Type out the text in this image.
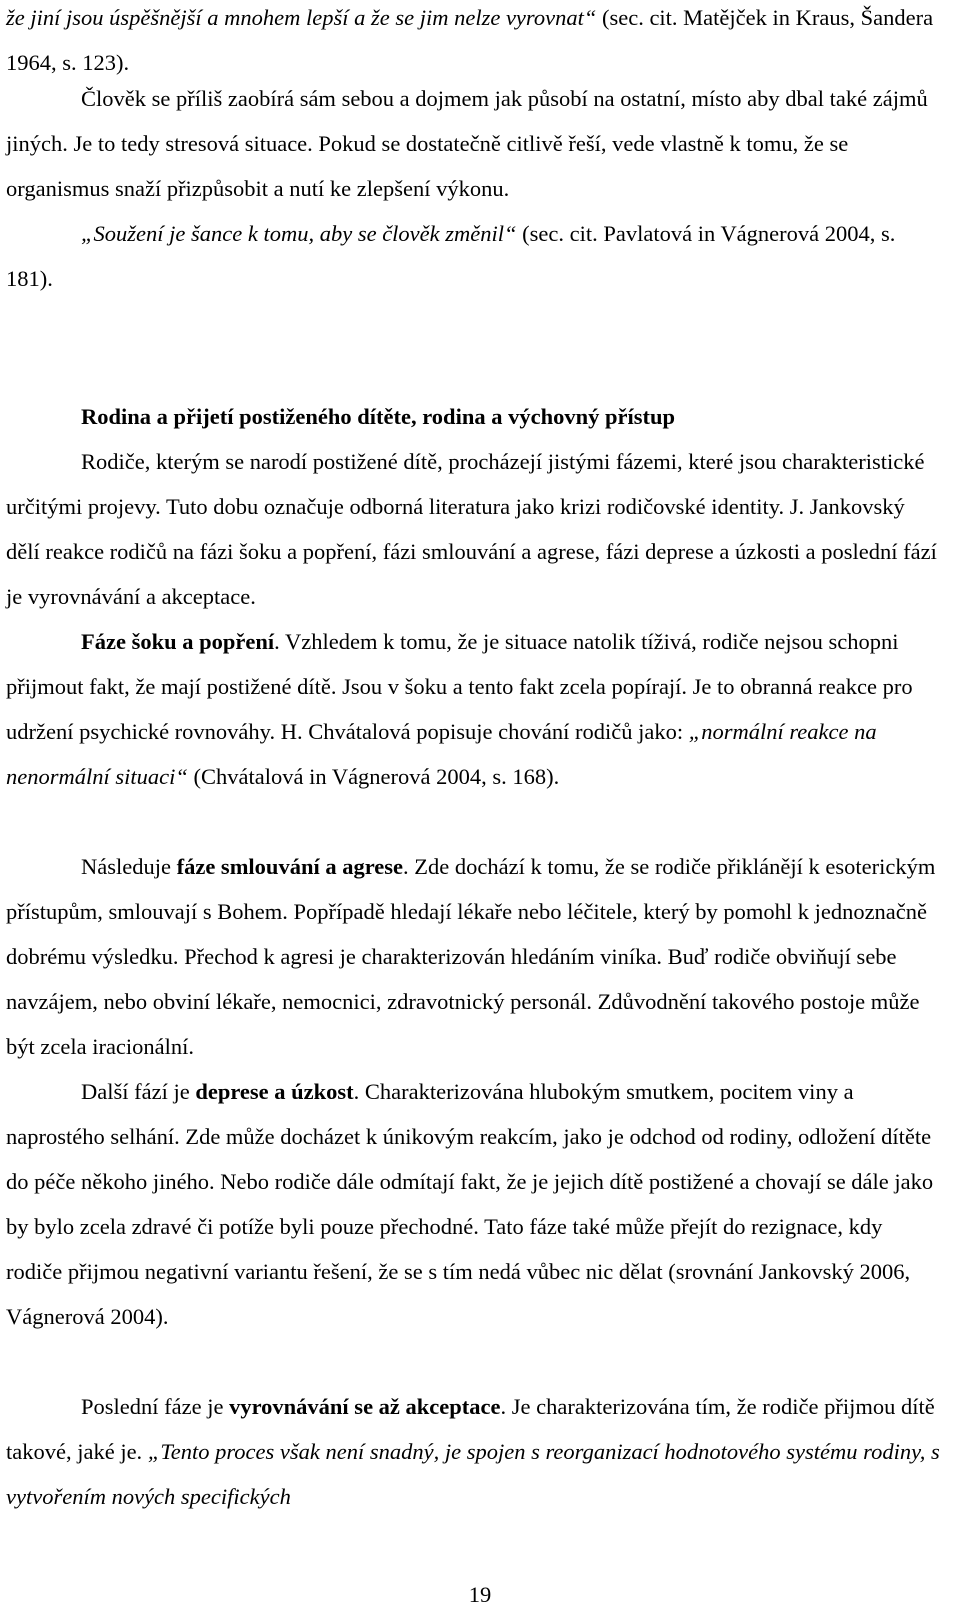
že jiní jsou úspěšnější a mnohem lepší a že se jim nelze vyrovnat“ (sec. cit. Matějček in Kraus, Šandera 1964, s. 123).

Člověk se příliš zaobírá sám sebou a dojmem jak působí na ostatní, místo aby dbal také zájmů jiných. Je to tedy stresová situace. Pokud se dostatečně citlivě řeší, vede vlastně k tomu, že se organismus snaží přizpůsobit a nutí ke zlepšení výkonu.

„Soužení je šance k tomu, aby se člověk změnil“ (sec. cit. Pavlatová in Vágnerová 2004, s. 181).

Rodina a přijetí postiženého dítěte, rodina a výchovný přístup

Rodiče, kterým se narodí postižené dítě, procházejí jistými fázemi, které jsou charakteristické určitými projevy. Tuto dobu označuje odborná literatura jako krizi rodičovské identity. J. Jankovský dělí reakce rodičů na fázi šoku a popření, fázi smlouvání a agrese, fázi deprese a úzkosti a poslední fází je vyrovnávání a akceptace.

Fáze šoku a popření. Vzhledem k tomu, že je situace natolik tíživá, rodiče nejsou schopni přijmout fakt, že mají postižené dítě. Jsou v šoku a tento fakt zcela popírají. Je to obranná reakce pro udržení psychické rovnováhy. H. Chvátalová popisuje chování rodičů jako: „normální reakce na nenormální situaci“ (Chvátalová in Vágnerová 2004, s. 168).

Následuje fáze smlouvání a agrese. Zde dochází k tomu, že se rodiče přiklánějí k esoterickým přístupům, smlouvají s Bohem. Popřípadě hledají lékaře nebo léčitele, který by pomohl k jednoznačně dobrému výsledku. Přechod k agresi je charakterizován hledáním viníka. Buď rodiče obviňují sebe navzájem, nebo obviní lékaře, nemocnici, zdravotnický personál. Zdůvodnění takového postoje může být zcela iracionální.

Další fází je deprese a úzkost. Charakterizována hlubokým smutkem, pocitem viny a naprostého selhání. Zde může docházet k únikovým reakcím, jako je odchod od rodiny, odložení dítěte do péče někoho jiného. Nebo rodiče dále odmítají fakt, že je jejich dítě postižené a chovají se dále jako by bylo zcela zdravé či potíže byli pouze přechodné. Tato fáze také může přejít do rezignace, kdy rodiče přijmou negativní variantu řešení, že se s tím nedá vůbec nic dělat (srovnání Jankovský 2006, Vágnerová 2004).

Poslední fáze je vyrovnávání se až akceptace. Je charakterizována tím, že rodiče přijmou dítě takové, jaké je. „Tento proces však není snadný, je spojen s reorganizací hodnotového systému rodiny, s vytvořením nových specifických

19
